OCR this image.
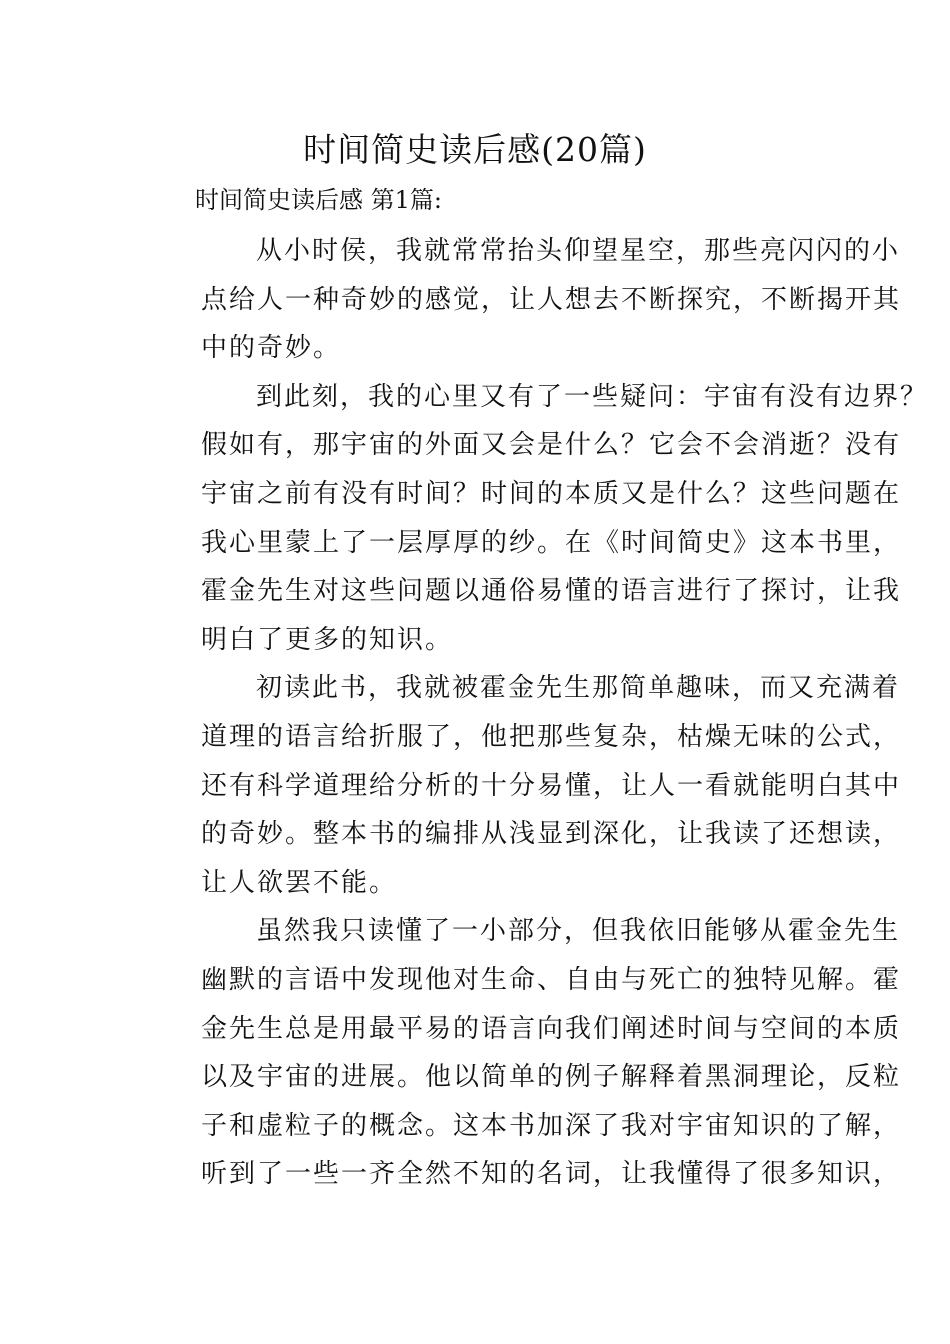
时间简史读后感(20篇)

时间简史读后感 第1篇:

从小时侯，我就常常抬头仰望星空，那些亮闪闪的小
点给人一种奇妙的感觉，让人想去不断探究，不断揭开其
中的奇妙。
到此刻，我的心里又有了一些疑问：宇宙有没有边界？
假如有，那宇宙的外面又会是什么？它会不会消逝？没有
宇宙之前有没有时间？时间的本质又是什么？这些问题在
我心里蒙上了一层厚厚的纱。在《时间简史》这本书里，
霍金先生对这些问题以通俗易懂的语言进行了探讨，让我
明白了更多的知识。
初读此书，我就被霍金先生那简单趣味，而又充满着
道理的语言给折服了，他把那些复杂，枯燥无味的公式，
还有科学道理给分析的十分易懂，让人一看就能明白其中
的奇妙。整本书的编排从浅显到深化，让我读了还想读，
让人欲罢不能。
虽然我只读懂了一小部分，但我依旧能够从霍金先生
幽默的言语中发现他对生命、自由与死亡的独特见解。霍
金先生总是用最平易的语言向我们阐述时间与空间的本质
以及宇宙的进展。他以简单的例子解释着黑洞理论，反粒
子和虚粒子的概念。这本书加深了我对宇宙知识的了解，
听到了一些一齐全然不知的名词，让我懂得了很多知识，
